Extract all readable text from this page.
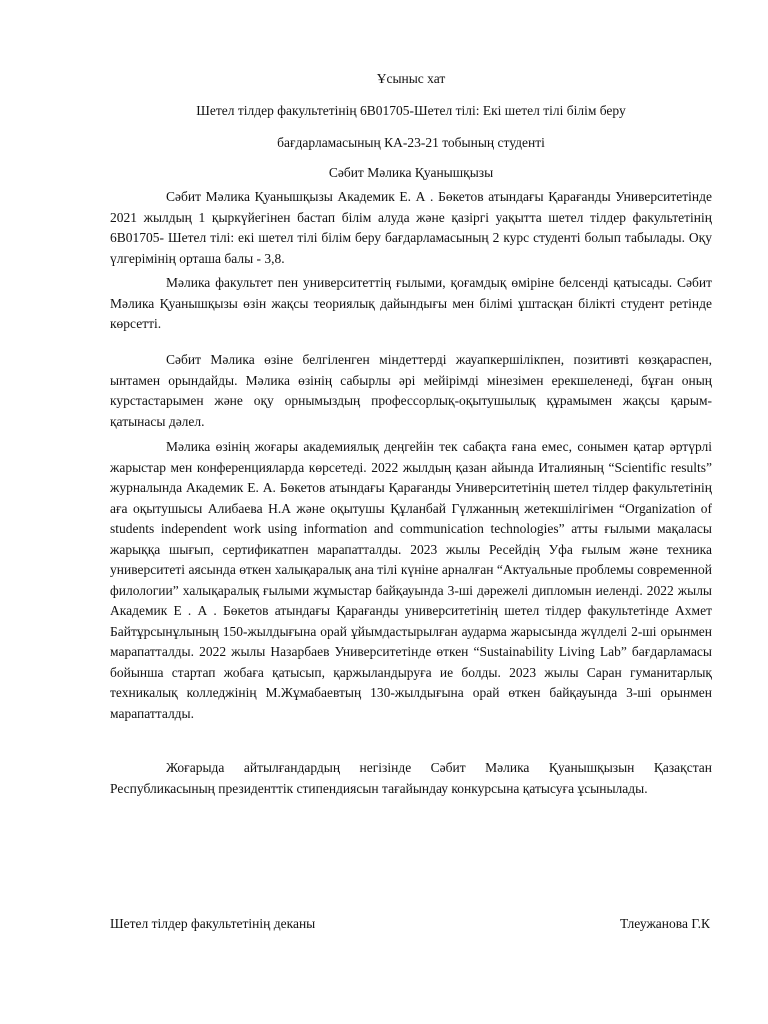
Ұсыныс хат
Шетел тілдер факультетінің 6В01705-Шетел тілі: Екі шетел тілі білім беру
бағдарламасының КА-23-21 тобының студенті
Сәбит Мәлика Қуанышқызы

Сәбит Мәлика Қуанышқызы Академик Е. А . Бөкетов атындағы Қарағанды Университетінде 2021 жылдың 1 қыркүйегінен бастап білім алуда және қазіргі уақытта шетел тілдер факультетінің 6В01705- Шетел тілі: екі шетел тілі білім беру бағдарламасының 2 курс студенті болып табылады. Оқу үлгерімінің орташа балы - 3,8.

Мәлика факультет пен университеттің ғылыми, қоғамдық өміріне белсенді қатысады. Сәбит Мәлика Қуанышқызы өзін жақсы теориялық дайындығы мен білімі ұштасқан білікті студент ретінде көрсетті.

Сәбит Мәлика өзіне белгіленген міндеттерді жауапкершілікпен, позитивті көзқараспен, ынтамен орындайды. Мәлика өзінің сабырлы әрі мейірімді мінезімен ерекшеленеді, бұған оның курстастарымен және оқу орнымыздың профессорлық-оқытушылық құрамымен жақсы қарым-қатынасы дәлел.

Мәлика өзінің жоғары академиялық деңгейін тек сабақта ғана емес, сонымен қатар әртүрлі жарыстар мен конференцияларда көрсетеді. 2022 жылдың қазан айында Италияның “Scientific results” журналында Академик Е. А. Бөкетов атындағы Қарағанды Университетінің шетел тілдер факультетінің аға оқытушысы Алибаева Н.А және оқытушы Құланбай Гүлжанның жетекшілігімен “Organization of students independent work using information and communication technologies” атты ғылыми мақаласы жарыққа шығып, сертификатпен марапатталды. 2023 жылы Ресейдің Уфа ғылым және техника университеті аясында өткен халықаралық ана тілі күніне арналған “Актуальные проблемы современной филологии” халықаралық ғылыми жұмыстар байқауында 3-ші дәрежелі дипломын иеленді. 2022 жылы Академик Е . А . Бөкетов атындағы Қарағанды университетінің шетел тілдер факультетінде Ахмет Байтұрсынұлының 150-жылдығына орай ұйымдастырылған аударма жарысында жүлделі 2-ші орынмен марапатталды. 2022 жылы Назарбаев Университетінде өткен “Sustainability Living Lab” бағдарламасы бойынша стартап жобаға қатысып, қаржыландыруға ие болды. 2023 жылы Саран гуманитарлық техникалық колледжінің М.Жұмабаевтың 130-жылдығына орай өткен байқауында 3-ші орынмен марапатталды.

Жоғарыда айтылғандардың негізінде Сәбит Мәлика Қуанышқызын Қазақстан Республикасының президенттік стипендиясын тағайындау конкурсына қатысуға ұсынылады.

Шетел тілдер факультетінің деканы	Тлеужанова Г.К
